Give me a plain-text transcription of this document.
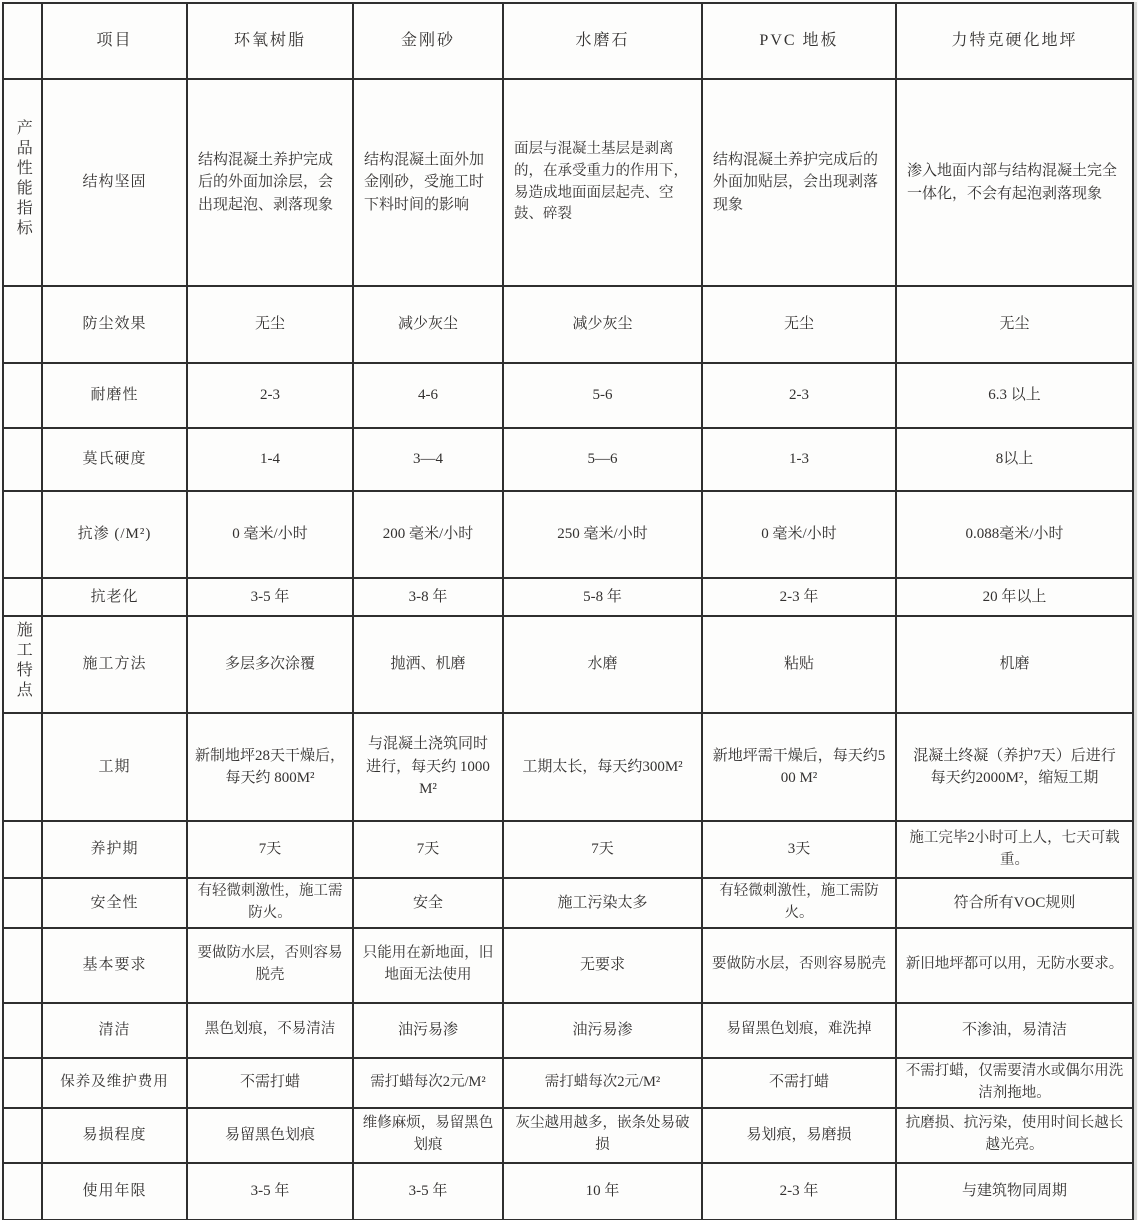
	项目	环氧树脂	金刚砂	水磨石	PVC 地板	力特克硬化地坪
产品性能指标	结构坚固	结构混凝土养护完成后的外面加涂层，会出现起泡、剥落现象	结构混凝土面外加金刚砂，受施工时下料时间的影响	面层与混凝土基层是剥离的，在承受重力的作用下，易造成地面面层起壳、空鼓、碎裂	结构混凝土养护完成后的外面加贴层，会出现剥落现象	渗入地面内部与结构混凝土完全一体化，不会有起泡剥落现象
	防尘效果	无尘	减少灰尘	减少灰尘	无尘	无尘
	耐磨性	2-3	4-6	5-6	2-3	6.3 以上
	莫氏硬度	1-4	3—4	5—6	1-3	8以上
	抗渗 (/M²)	0 毫米/小时	200 毫米/小时	250 毫米/小时	0 毫米/小时	0.088毫米/小时
	抗老化	3-5 年	3-8 年	5-8 年	2-3 年	20 年以上
施工特点	施工方法	多层多次涂覆	抛洒、机磨	水磨	粘贴	机磨
	工期	新制地坪28天干燥后，每天约 800M²	与混凝土浇筑同时进行，每天约 1000M²	工期太长，每天约300M²	新地坪需干燥后，每天约500 M²	混凝土终凝（养护7天）后进行 每天约2000M²，缩短工期
	养护期	7天	7天	7天	3天	施工完毕2小时可上人，七天可载重。
	安全性	有轻微刺激性，施工需防火。	安全	施工污染太多	有轻微刺激性，施工需防火。	符合所有VOC规则
	基本要求	要做防水层，否则容易脱壳	只能用在新地面，旧地面无法使用	无要求	要做防水层，否则容易脱壳	新旧地坪都可以用，无防水要求。
	清洁	黑色划痕，不易清洁	油污易渗	油污易渗	易留黑色划痕，难洗掉	不渗油，易清洁
	保养及维护费用	不需打蜡	需打蜡每次2元/M²	需打蜡每次2元/M²	不需打蜡	不需打蜡，仅需要清水或偶尔用洗洁剂拖地。
	易损程度	易留黑色划痕	维修麻烦，易留黑色划痕	灰尘越用越多，嵌条处易破损	易划痕，易磨损	抗磨损、抗污染，使用时间长越长越光亮。
	使用年限	3-5 年	3-5 年	10 年	2-3 年	与建筑物同周期
